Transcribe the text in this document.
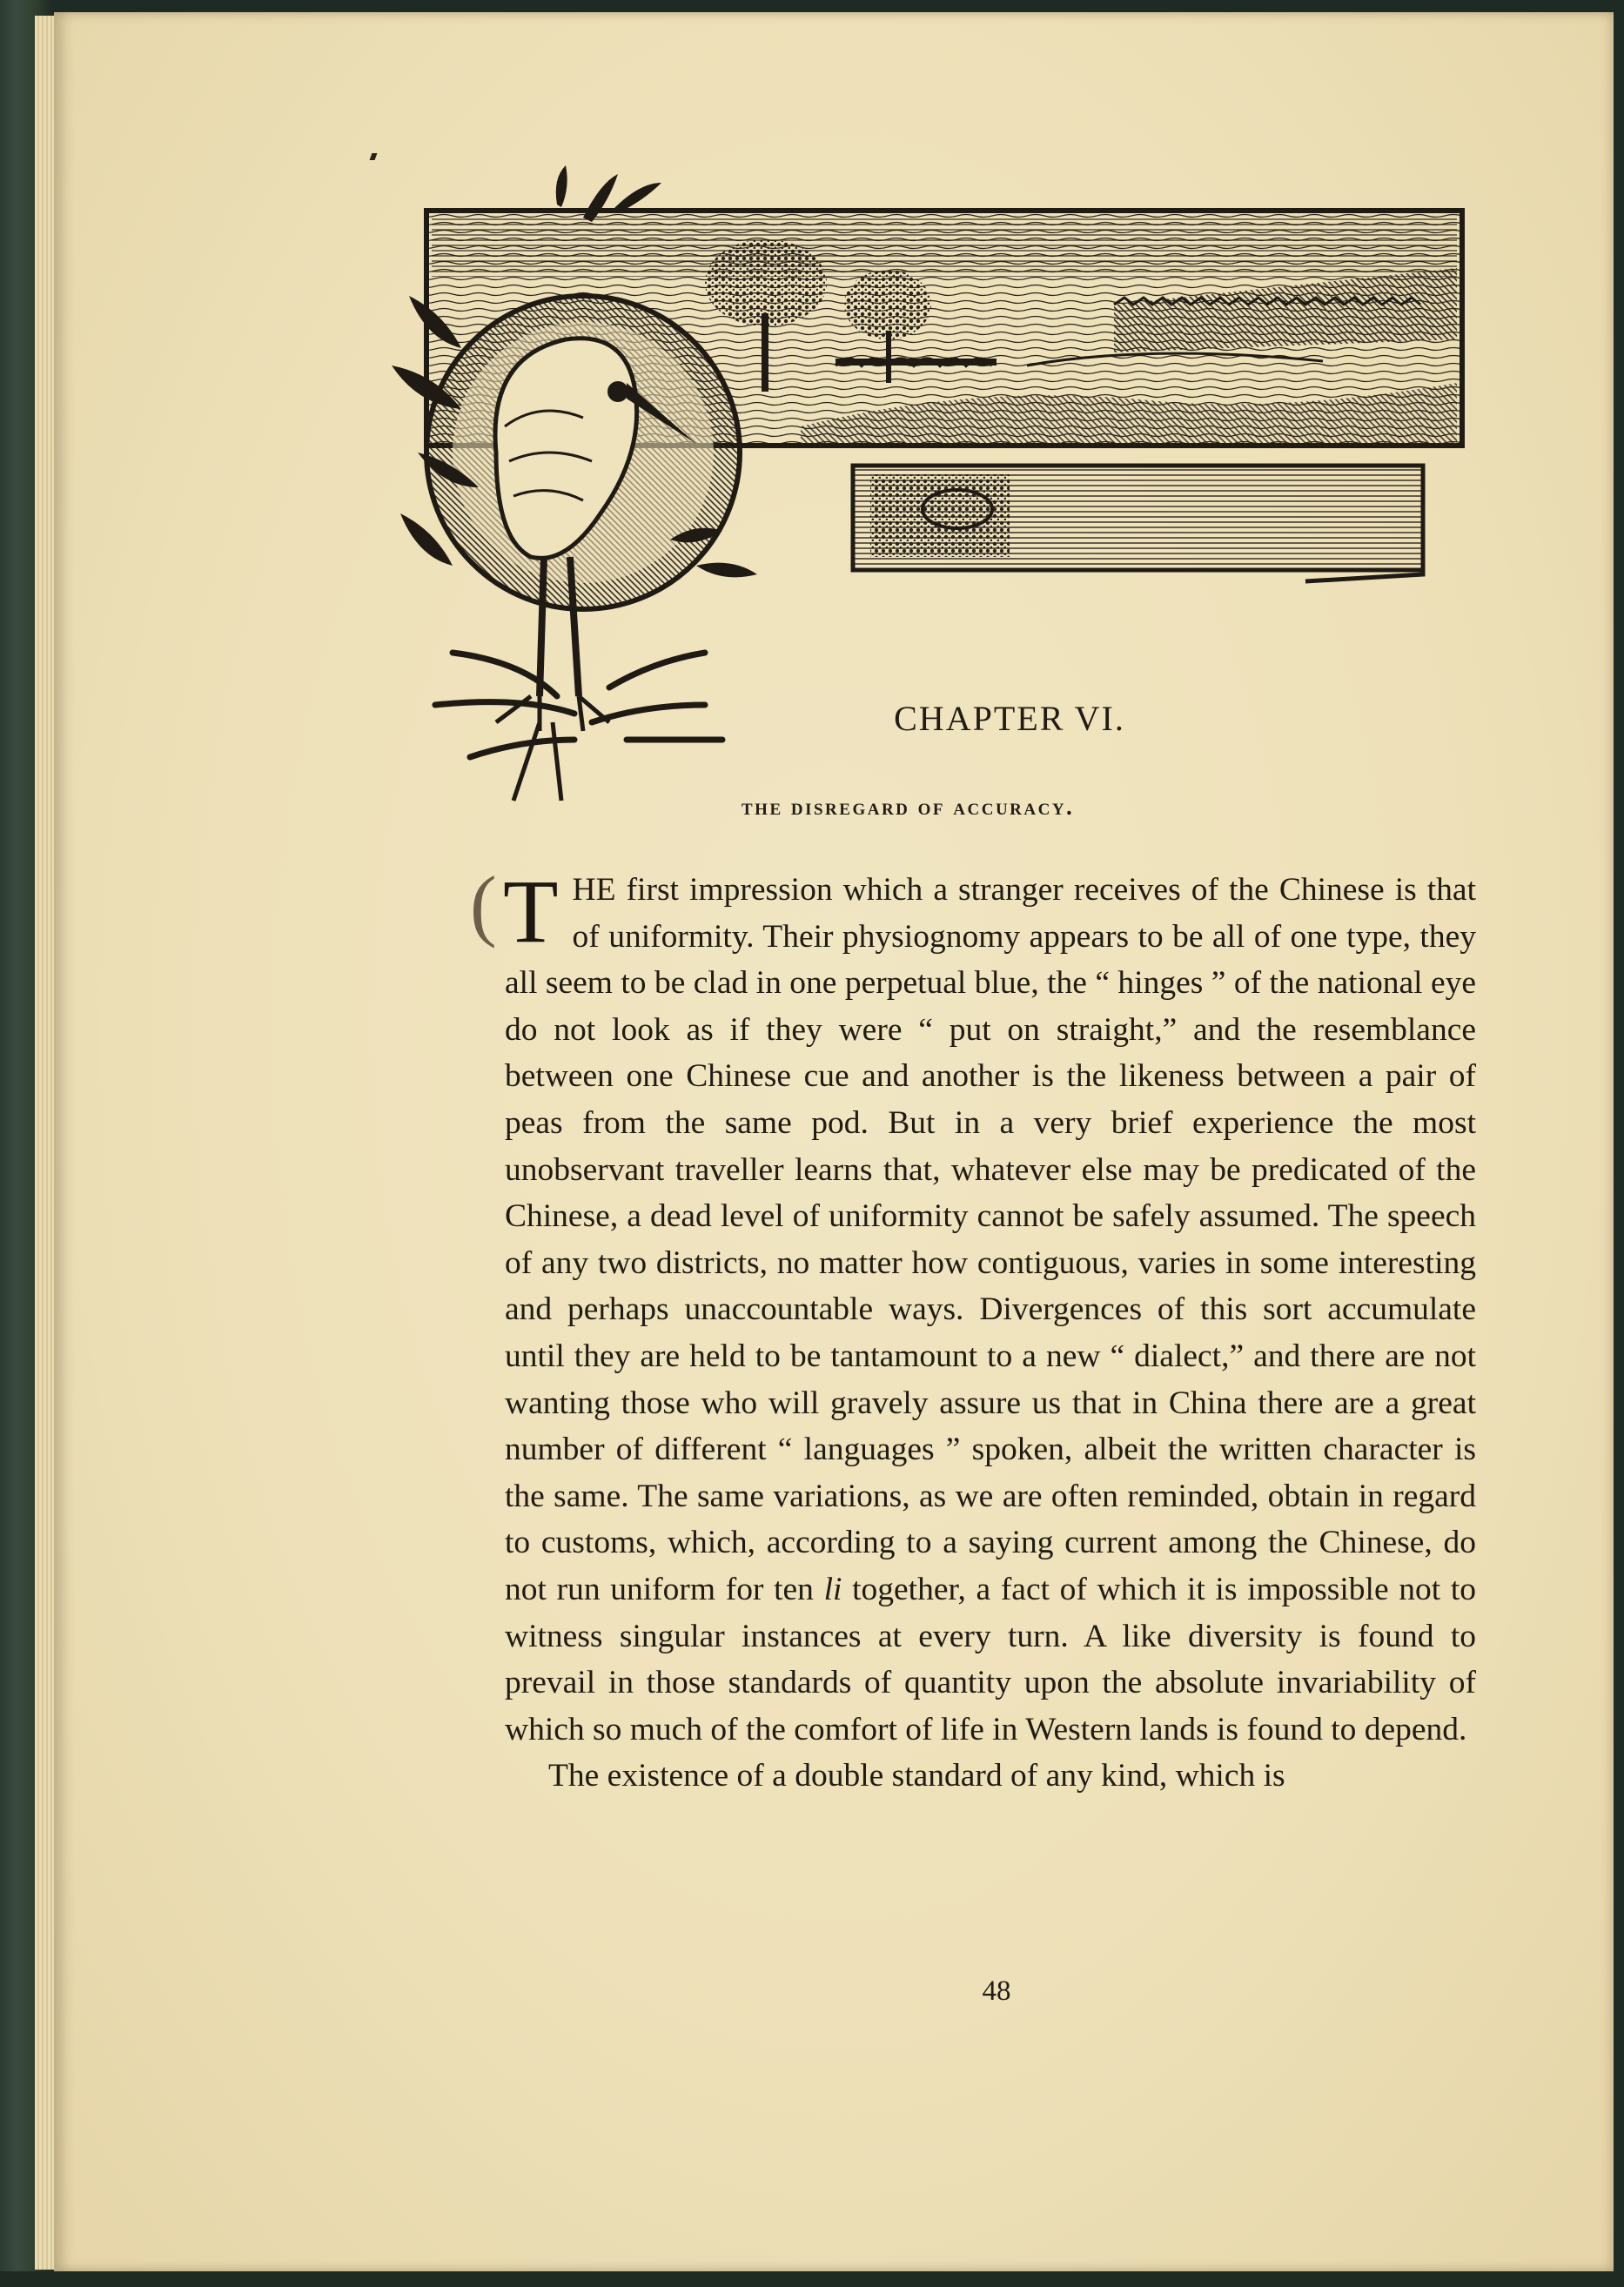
CHAPTER VI.
the disregard of accuracy.
( THE first impression which a stranger receives of the Chinese is that of uniformity. Their physiognomy appears to be all of one type, they all seem to be clad in one perpetual blue, the “ hinges ” of the national eye do not look as if they were “ put on straight,” and the resemblance between one Chinese cue and another is the likeness between a pair of peas from the same pod. But in a very brief experience the most unobservant traveller learns that, whatever else may be predicated of the Chinese, a dead level of uniformity cannot be safely assumed. The speech of any two districts, no matter how contiguous, varies in some interesting and perhaps unaccountable ways. Divergences of this sort accumulate until they are held to be tantamount to a new “ dialect,” and there are not wanting those who will gravely assure us that in China there are a great number of different “ languages ” spoken, albeit the written character is the same. The same variations, as we are often reminded, obtain in regard to customs, which, according to a saying current among the Chinese, do not run uniform for ten li together, a fact of which it is impossible not to witness singular instances at every turn. A like diversity is found to prevail in those standards of quantity upon the absolute invariability of which so much of the comfort of life in Western lands is found to depend.

The existence of a double standard of any kind, which is

48
